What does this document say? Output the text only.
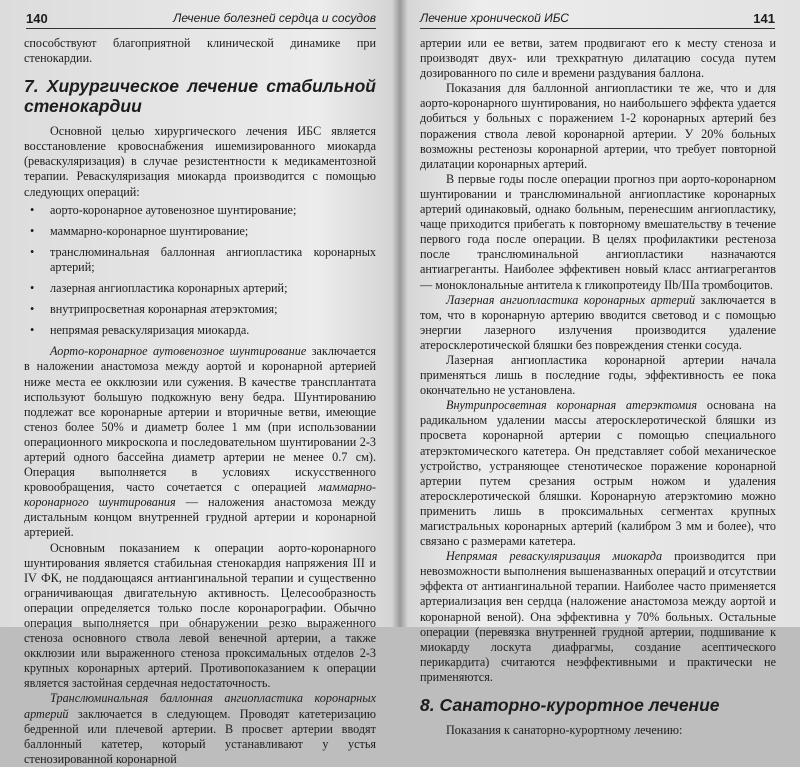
140	Лечение болезней сердца и сосудов

способствуют благоприятной клинической динамике при стенокардии.

7. Хирургическое лечение стабильной стенокардии

Основной целью хирургического лечения ИБС является восстановление кровоснабжения ишемизированного миокарда (реваскуляризация) в случае резистентности к медикаментозной терапии. Реваскуляризация миокарда производится с помощью следующих операций:

• аорто-коронарное аутовенозное шунтирование;
• маммарно-коронарное шунтирование;
• транслюминальная баллонная ангиопластика коронарных артерий;
• лазерная ангиопластика коронарных артерий;
• внутрипросветная коронарная атерэктомия;
• непрямая реваскуляризация миокарда.

Аорто-коронарное аутовенозное шунтирование заключается в наложении анастомоза между аортой и коронарной артерией ниже места ее окклюзии или сужения. В качестве трансплантата используют большую подкожную вену бедра. Шунтированию подлежат все коронарные артерии и вторичные ветви, имеющие стеноз более 50% и диаметр более 1 мм (при использовании операционного микроскопа и последовательном шунтировании 2-3 артерий одного бассейна диаметр артерии не менее 0.7 см). Операция выполняется в условиях искусственного кровообращения, часто сочетается с операцией маммарно-коронарного шунтирования — наложения анастомоза между дистальным концом внутренней грудной артерии и коронарной артерией.

Основным показанием к операции аорто-коронарного шунтирования является стабильная стенокардия напряжения III и IV ФК, не поддающаяся антиангинальной терапии и существенно ограничивающая двигательную активность. Целесообразность операции определяется только после коронарографии. Обычно операция выполняется при обнаружении резко выраженного стеноза основного ствола левой венечной артерии, а также окклюзии или выраженного стеноза проксимальных отделов 2-3 крупных коронарных артерий. Противопоказанием к операции является застойная сердечная недостаточность.

Транслюминальная баллонная ангиопластика коронарных артерий заключается в следующем. Проводят катетеризацию бедренной или плечевой артерии. В просвет артерии вводят баллонный катетер, который устанавливают у устья стенозированной коронарной

Лечение хронической ИБС	141

артерии или ее ветви, затем продвигают его к месту стеноза и производят двух- или трехкратную дилатацию сосуда путем дозированного по силе и времени раздувания баллона.

Показания для баллонной ангиопластики те же, что и для аорто-коронарного шунтирования, но наибольшего эффекта удается добиться у больных с поражением 1-2 коронарных артерий без поражения ствола левой коронарной артерии. У 20% больных возможны рестенозы коронарной артерии, что требует повторной дилатации коронарных артерий.

В первые годы после операции прогноз при аорто-коронарном шунтировании и транслюминальной ангиопластике коронарных артерий одинаковый, однако больным, перенесшим ангиопластику, чаще приходится прибегать к повторному вмешательству в течение первого года после операции. В целях профилактики рестеноза после транслюминальной ангиопластики назначаются антиагреганты. Наиболее эффективен новый класс антиагрегантов — моноклональные антитела к гликопротеиду IIb/IIIa тромбоцитов.

Лазерная ангиопластика коронарных артерий заключается в том, что в коронарную артерию вводится световод и с помощью энергии лазерного излучения производится удаление атеросклеротической бляшки без повреждения стенки сосуда.

Лазерная ангиопластика коронарной артерии начала применяться лишь в последние годы, эффективность ее пока окончательно не установлена.

Внутрипросветная коронарная атерэктомия основана на радикальном удалении массы атеросклеротической бляшки из просвета коронарной артерии с помощью специального атерэктомического катетера. Он представляет собой механическое устройство, устраняющее стенотическое поражение коронарной артерии путем срезания острым ножом и удаления атеросклеротической бляшки. Коронарную атерэктомию можно применить лишь в проксимальных сегментах крупных магистральных коронарных артерий (калибром 3 мм и более), что связано с размерами катетера.

Непрямая реваскуляризация миокарда производится при невозможности выполнения вышеназванных операций и отсутствии эффекта от антиангинальной терапии. Наиболее часто применяется артериализация вен сердца (наложение анастомоза между аортой и коронарной веной). Она эффективна у 70% больных. Остальные операции (перевязка внутренней грудной артерии, подшивание к миокарду лоскута диафрагмы, создание асептического перикардита) считаются неэффективными и практически не применяются.

8. Санаторно-курортное лечение

Показания к санаторно-курортному лечению:
